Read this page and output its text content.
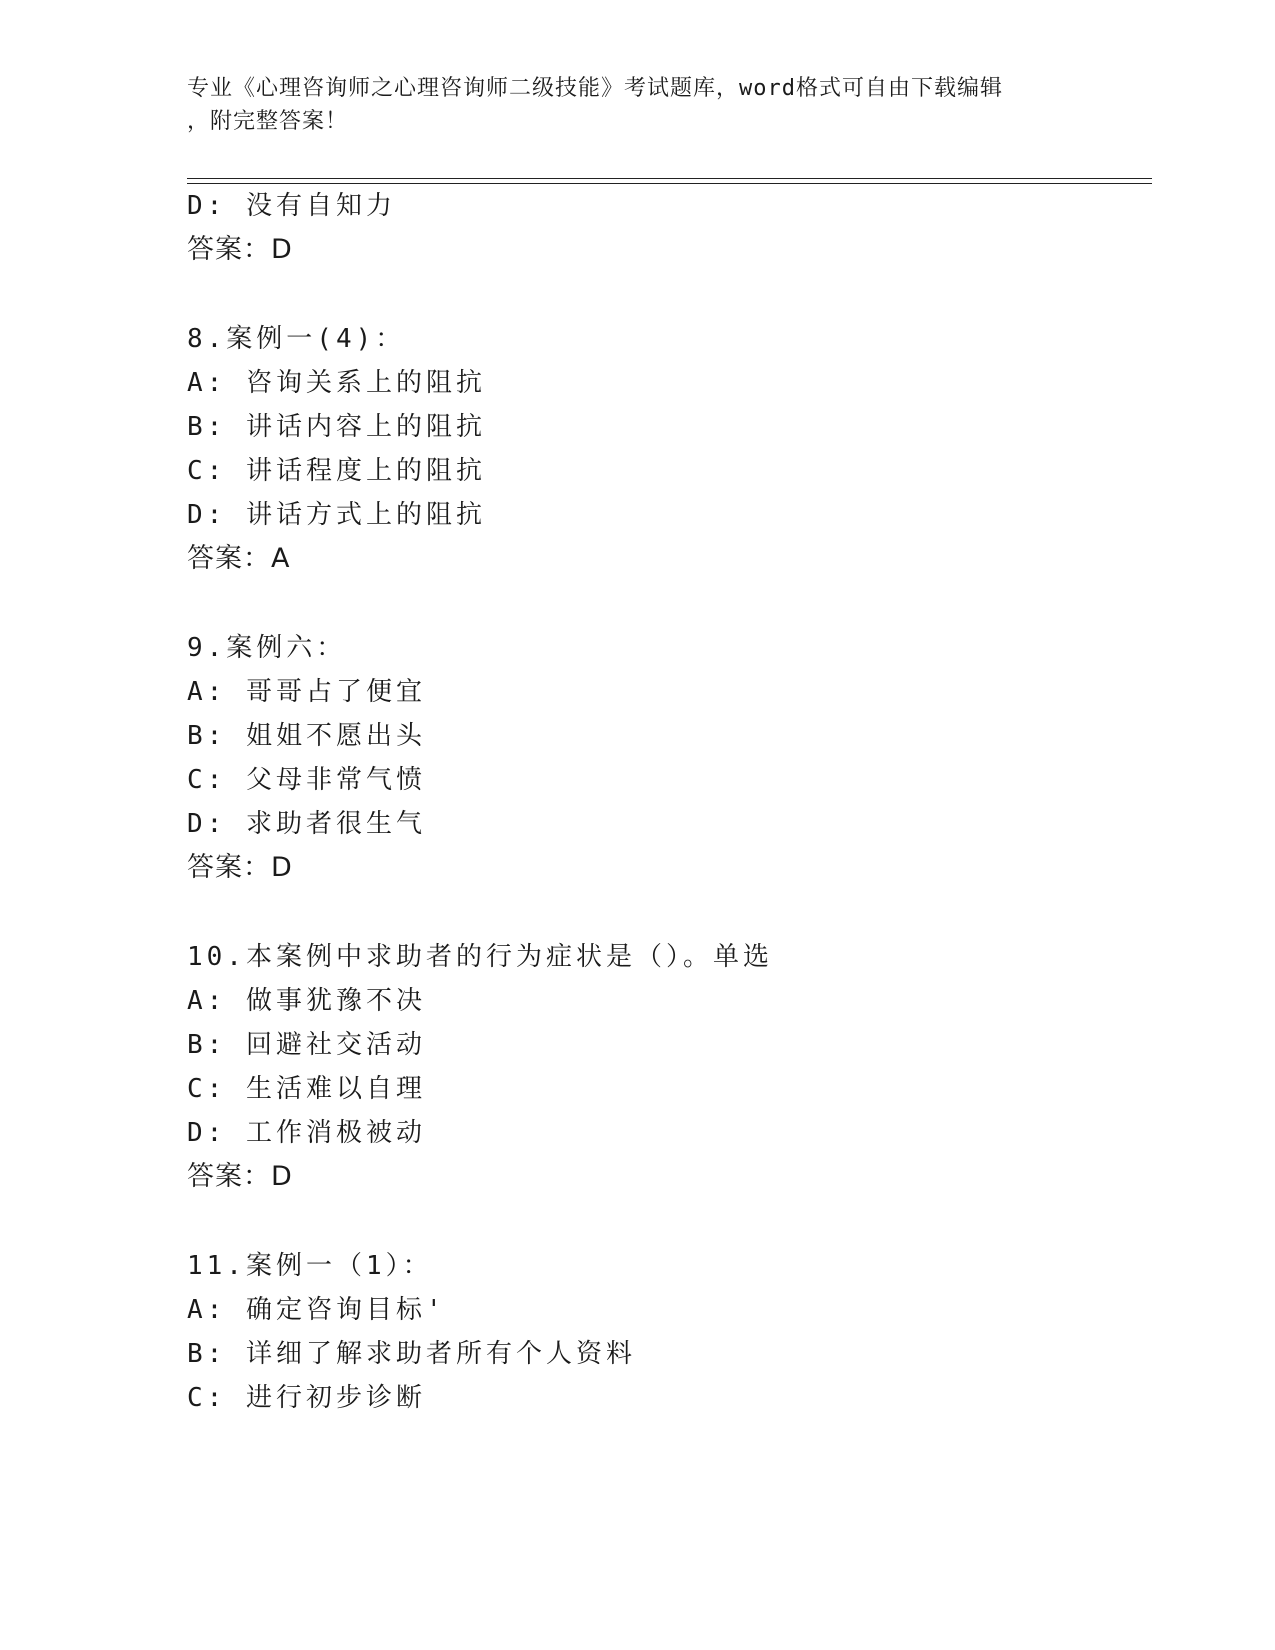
专业《心理咨询师之心理咨询师二级技能》考试题库，word格式可自由下载编辑
，附完整答案！
D: 没有自知力
答案：D
8.案例一(4)：
A: 咨询关系上的阻抗
B: 讲话内容上的阻抗
C: 讲话程度上的阻抗
D: 讲话方式上的阻抗
答案：A
9.案例六：
A: 哥哥占了便宜
B: 姐姐不愿出头
C: 父母非常气愤
D: 求助者很生气
答案：D
10.本案例中求助者的行为症状是（）。单选
A: 做事犹豫不决
B: 回避社交活动
C: 生活难以自理
D: 工作消极被动
答案：D
11.案例一（1）：
A: 确定咨询目标'
B: 详细了解求助者所有个人资料
C: 进行初步诊断
